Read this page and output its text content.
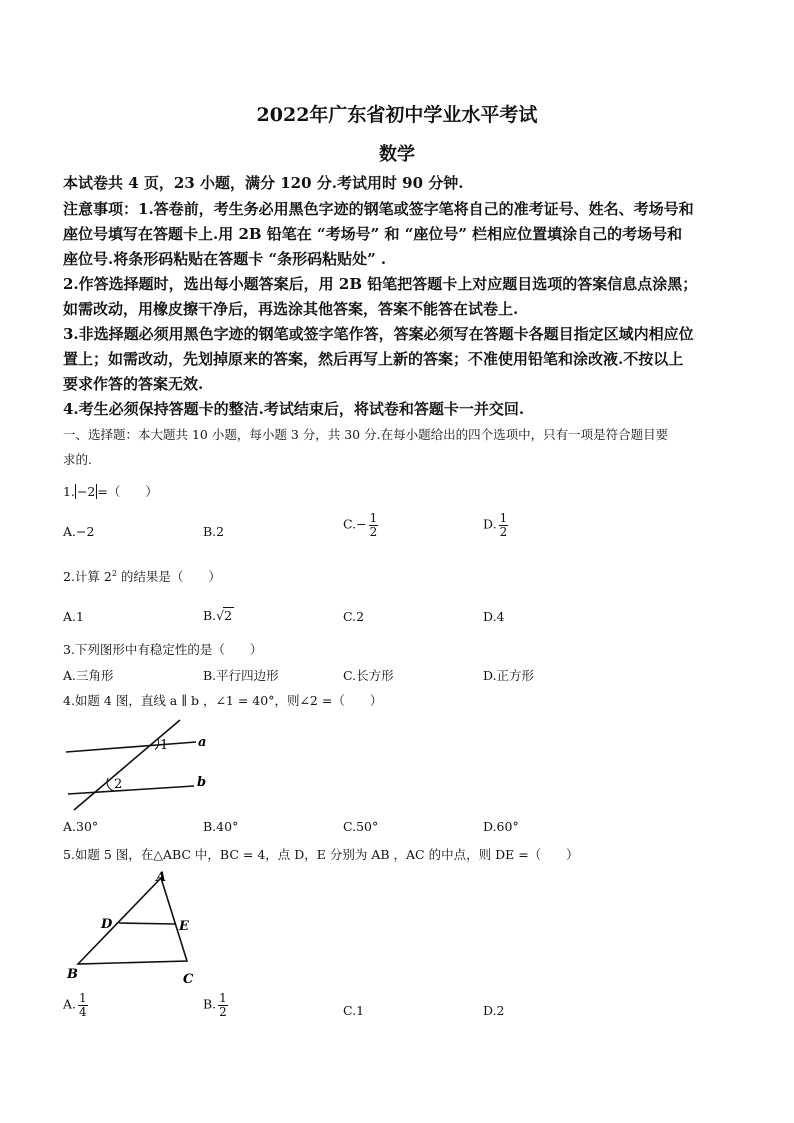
2022年广东省初中学业水平考试
数学
本试卷共 4 页，23 小题，满分 120 分.考试用时 90 分钟.
注意事项：1.答卷前，考生务必用黑色字迹的钢笔或签字笔将自己的准考证号、姓名、考场号和
座位号填写在答题卡上.用 2B 铅笔在 “考场号” 和 “座位号” 栏相应位置填涂自己的考场号和
座位号.将条形码粘贴在答题卡 “条形码粘贴处” .
2.作答选择题时，选出每小题答案后，用 2B 铅笔把答题卡上对应题目选项的答案信息点涂黑；
如需改动，用橡皮擦干净后，再选涂其他答案，答案不能答在试卷上.
3.非选择题必须用黑色字迹的钢笔或签字笔作答，答案必须写在答题卡各题目指定区域内相应位
置上；如需改动，先划掉原来的答案，然后再写上新的答案；不准使用铅笔和涂改液.不按以上
要求作答的答案无效.
4.考生必须保持答题卡的整洁.考试结束后，将试卷和答题卡一并交回.
一、选择题：本大题共 10 小题，每小题 3 分，共 30 分.在每小题给出的四个选项中，只有一项是符合题目要
求的.
1. −2 =（　　）
A.−2	B.2	$C.- \frac{1}{2}$	D. $\frac{1}{2}$
2.计算 $2^2$ 的结果是（　　）
A.1	B.√2	C.2	D.4
3.下列图形中有稳定性的是（　　）
A.三角形	B.平行四边形	C.长方形	D.正方形
4.如题 4 图，直线 a ∥ b ，∠1 = 40°，则∠2 =（　　）
1
2
a
b
A.30°	B.40°	C.50°	D.60°
5.如题 5 图，在△ABC 中，BC = 4，点 D，E 分别为 AB ，AC 的中点，则 DE =（　　）
A
B	C
D	E
A. $\frac{1}{4}$	B. $\frac{1}{2}$	C.1	D.2
